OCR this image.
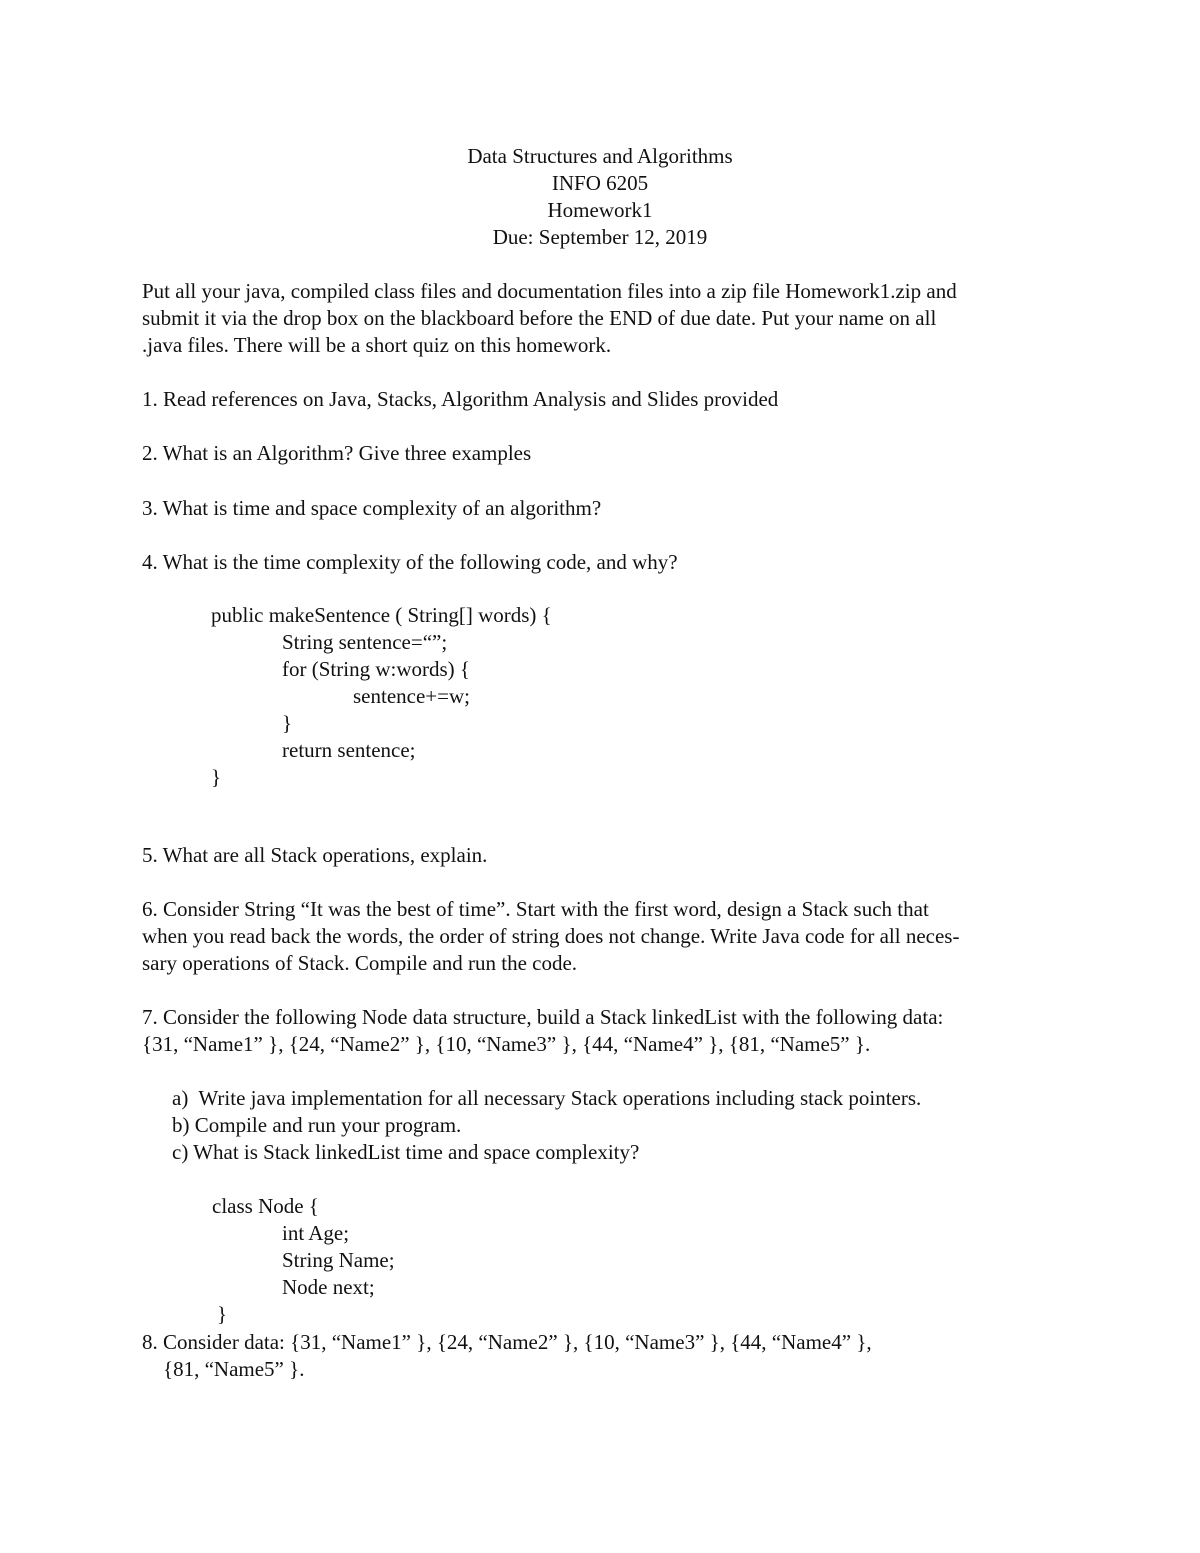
Data Structures and Algorithms
INFO 6205
Homework1
Due: September 12, 2019
Put all your java, compiled class files and documentation files into a zip file Homework1.zip and
submit it via the drop box on the blackboard before the END of due date. Put your name on all
.java files. There will be a short quiz on this homework.
1. Read references on Java, Stacks, Algorithm Analysis and Slides provided
2. What is an Algorithm? Give three examples
3. What is time and space complexity of an algorithm?
4. What is the time complexity of the following code, and why?
public makeSentence ( String[] words) {
String sentence=“”;
for (String w:words) {
sentence+=w;
}
return sentence;
}
5. What are all Stack operations, explain.
6. Consider String “It was the best of time”. Start with the first word, design a Stack such that
when you read back the words, the order of string does not change. Write Java code for all neces-
sary operations of Stack. Compile and run the code.
7. Consider the following Node data structure, build a Stack linkedList with the following data:
{31, “Name1” }, {24, “Name2” }, {10, “Name3” }, {44, “Name4” }, {81, “Name5” }.
a)  Write java implementation for all necessary Stack operations including stack pointers.
b) Compile and run your program.
c) What is Stack linkedList time and space complexity?
class Node {
int Age;
String Name;
Node next;
}
8. Consider data: {31, “Name1” }, {24, “Name2” }, {10, “Name3” }, {44, “Name4” },
{81, “Name5” }.
